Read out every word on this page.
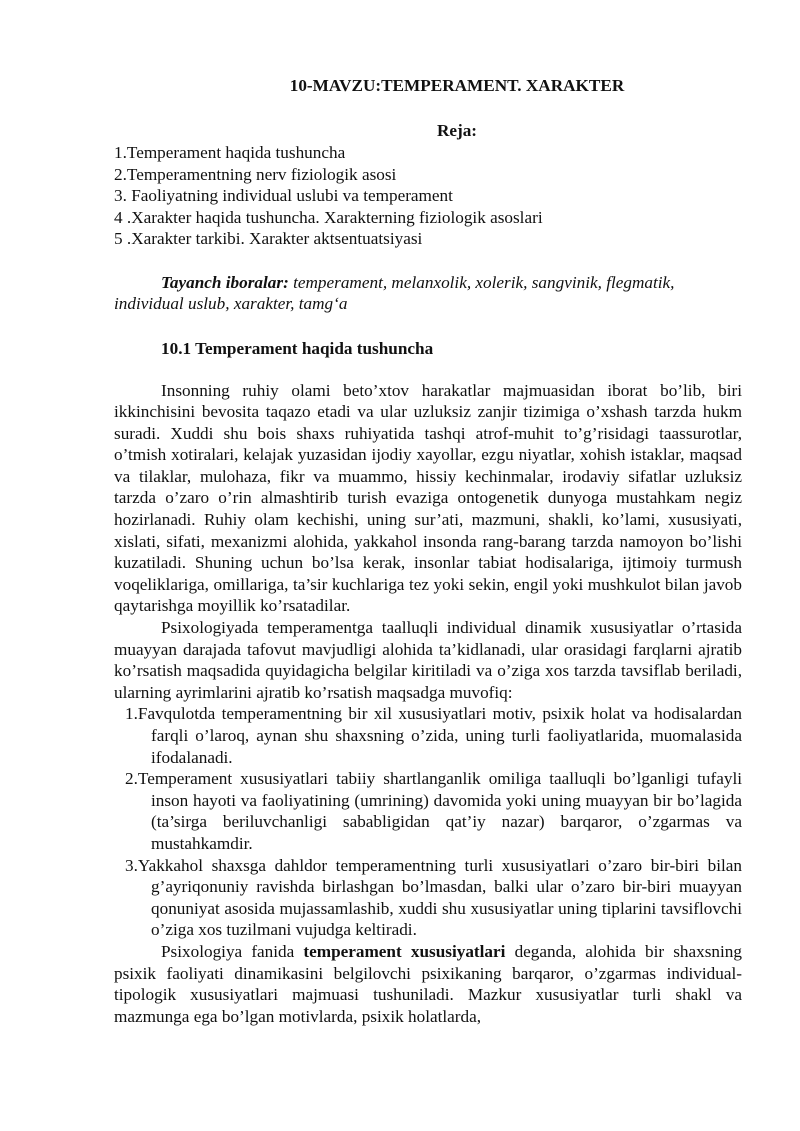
10-MAVZU:TEMPERAMENT. XARAKTER

Reja:

1.Temperament haqida tushuncha
2.Temperamentning nerv fiziologik asosi
3. Faoliyatning individual uslubi va temperament
4 .Xarakter haqida tushuncha. Xarakterning fiziologik asoslari
5 .Xarakter tarkibi. Xarakter aktsentuatsiyasi

Tayanch iboralar: temperament, melanxolik, xolerik, sangvinik, flegmatik, individual uslub, xarakter, tamg‘a

10.1 Temperament haqida tushuncha

Insonning ruhiy olami beto’xtov harakatlar majmuasidan iborat bo’lib, biri ikkinchisini bevosita taqazo etadi va ular uzluksiz zanjir tizimiga o’xshash tarzda hukm suradi. Xuddi shu bois shaxs ruhiyatida tashqi atrof-muhit to’g’risidagi taassurotlar, o’tmish xotiralari, kelajak yuzasidan ijodiy xayollar, ezgu niyatlar, xohish istaklar, maqsad va tilaklar, mulohaza, fikr va muammo, hissiy kechinmalar, irodaviy sifatlar uzluksiz tarzda o’zaro o’rin almashtirib turish evaziga ontogenetik dunyoga mustahkam negiz hozirlanadi. Ruhiy olam kechishi, uning sur’ati, mazmuni, shakli, ko’lami, xususiyati, xislati, sifati, mexanizmi alohida, yakkahol insonda rang-barang tarzda namoyon bo’lishi kuzatiladi. Shuning uchun bo’lsa kerak, insonlar tabiat hodisalariga, ijtimoiy turmush voqeliklariga, omillariga, ta’sir kuchlariga tez yoki sekin, engil yoki mushkulot bilan javob qaytarishga moyillik ko’rsatadilar.

Psixologiyada temperamentga taalluqli individual dinamik xususiyatlar o’rtasida muayyan darajada tafovut mavjudligi alohida ta’kidlanadi, ular orasidagi farqlarni ajratib ko’rsatish maqsadida quyidagicha belgilar kiritiladi va o’ziga xos tarzda tavsiflab beriladi, ularning ayrimlarini ajratib ko’rsatish maqsadga muvofiq:

1.Favqulotda temperamentning bir xil xususiyatlari motiv, psixik holat va hodisalardan farqli o’laroq, aynan shu shaxsning o’zida, uning turli faoliyatlarida, muomalasida ifodalanadi.
2.Temperament xususiyatlari tabiiy shartlanganlik omiliga taalluqli bo’lganligi tufayli inson hayoti va faoliyatining (umrining) davomida yoki uning muayyan bir bo’lagida (ta’sirga beriluvchanligi sababligidan qat’iy nazar) barqaror, o’zgarmas va mustahkamdir.
3.Yakkahol shaxsga dahldor temperamentning turli xususiyatlari o’zaro bir-biri bilan g’ayriqonuniy ravishda birlashgan bo’lmasdan, balki ular o’zaro bir-biri muayyan qonuniyat asosida mujassamlashib, xuddi shu xususiyatlar uning tiplarini tavsiflovchi o’ziga xos tuzilmani vujudga keltiradi.

Psixologiya fanida temperament xususiyatlari deganda, alohida bir shaxsning psixik faoliyati dinamikasini belgilovchi psixikaning barqaror, o’zgarmas individual-tipologik xususiyatlari majmuasi tushuniladi. Mazkur xususiyatlar turli shakl va mazmunga ega bo’lgan motivlarda, psixik holatlarda,
